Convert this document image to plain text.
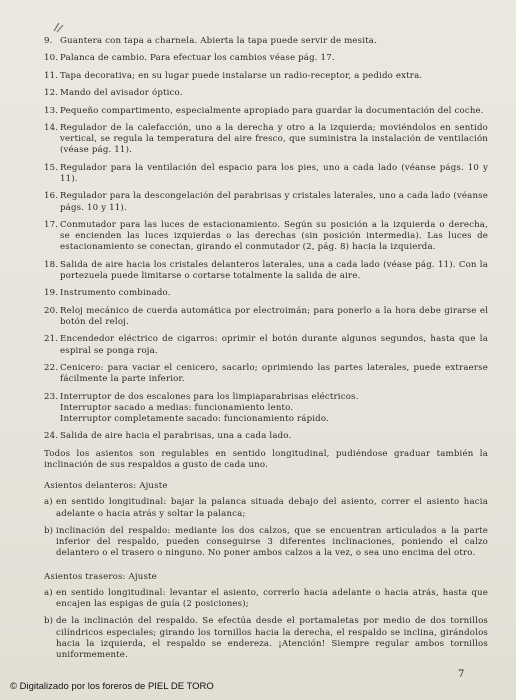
9. Guantera con tapa a charnela. Abierta la tapa puede servir de mesita.
10. Palanca de cambio. Para efectuar los cambios véase pág. 17.
11. Tapa decorativa; en su lugar puede instalarse un radio-receptor, a pedido extra.
12. Mando del avisador óptico.
13. Pequeño compartimento, especialmente apropiado para guardar la documentación del coche.
14. Regulador de la calefacción, uno a la derecha y otro a la izquierda; moviéndolos en sentido vertical, se regula la temperatura del aire fresco, que suministra la instalación de ventilación (véase pág. 11).
15. Regulador para la ventilación del espacio para los pies, uno a cada lado (véanse págs. 10 y 11).
16. Regulador para la descongelación del parabrisas y cristales laterales, uno a cada lado (véanse págs. 10 y 11).
17. Conmutador para las luces de estacionamiento. Según su posición a la izquierda o derecha, se encienden las luces izquierdas o las derechas (sin posición intermedia). Las luces de estacionamiento se conectan, girando el conmutador (2, pág. 8) hacia la izquierda.
18. Salida de aire hacia los cristales delanteros laterales, una a cada lado (véase pág. 11). Con la portezuela puede limitarse o cortarse totalmente la salida de aire.
19. Instrumento combinado.
20. Reloj mecánico de cuerda automática por electroimán; para ponerlo a la hora debe girarse el botón del reloj.
21. Encendedor eléctrico de cigarros: oprimir el botón durante algunos segundos, hasta que la espiral se ponga roja.
22. Cenicero: para vaciar el cenicero, sacarlo; oprimiendo las partes laterales, puede extraerse fácilmente la parte inferior.
23. Interruptor de dos escalones para los limpiaparabrisas eléctricos.
Interruptor sacado a medias: funcionamiento lento.
Interruptor completamente sacado: funcionamiento rápido.
24. Salida de aire hacia el parabrisas, una a cada lado.
Todos los asientos son regulables en sentido longitudinal, pudiéndose graduar también la inclinación de sus respaldos a gusto de cada uno.
Asientos delanteros: Ajuste
a) en sentido longitudinal: bajar la palanca situada debajo del asiento, correr el asiento hacia adelante o hacia atrás y soltar la palanca;
b) inclinación del respaldo: mediante los dos calzos, que se encuentran articulados a la parte inferior del respaldo, pueden conseguirse 3 diferentes inclinaciones, poniendo el calzo delantero o el trasero o ninguno. No poner ambos calzos a la vez, o sea uno encima del otro.
Asientos traseros: Ajuste
a) en sentido longitudinal: levantar el asiento, correrlo hacia adelante o hacia atrás, hasta que encajen las espigas de guía (2 posiciones);
b) de la inclinación del respaldo. Se efectúa desde el portamaletas por medio de dos tornillos cilíndricos especiales; girando los tornillos hacia la derecha, el respaldo se inclina, girándolos hacia la izquierda, el respaldo se endereza. ¡Atención! Siempre regular ambos tornillos uniformemente.
7
© Digitalizado por los foreros de PIEL DE TORO
